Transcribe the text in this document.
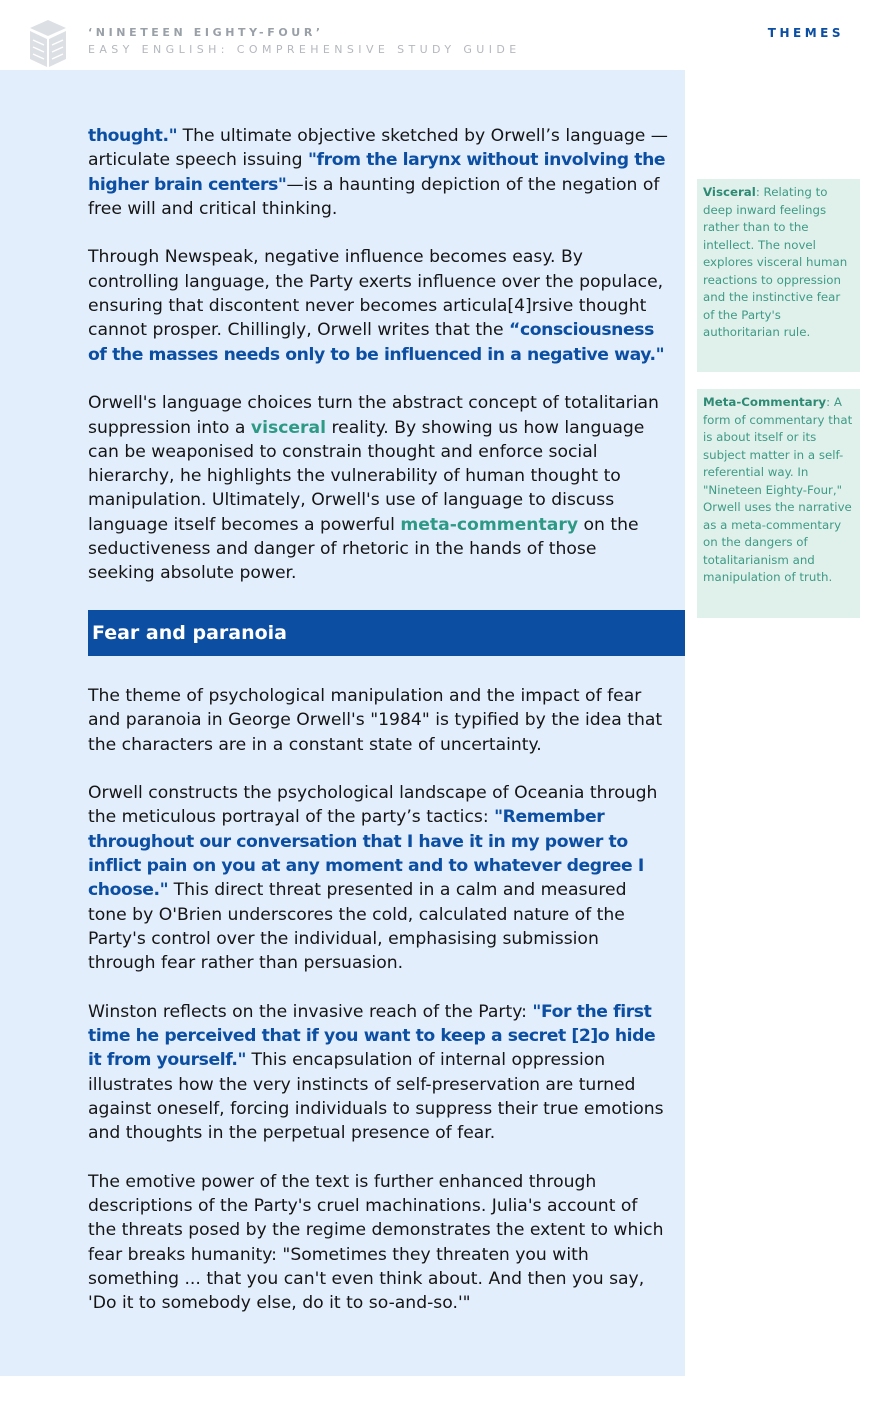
‘NINETEEN EIGHTY-FOUR’
EASY ENGLISH: COMPREHENSIVE STUDY GUIDE
THEMES

thought." The ultimate objective sketched by Orwell’s language —articulate speech issuing "from the larynx without involving the higher brain centers"—is a haunting depiction of the negation of free will and critical thinking.

Through Newspeak, negative influence becomes easy. By controlling language, the Party exerts influence over the populace, ensuring that discontent never becomes articula[4]rsive thought cannot prosper. Chillingly, Orwell writes that the “consciousness of the masses needs only to be influenced in a negative way."

Orwell's language choices turn the abstract concept of totalitarian suppression into a visceral reality. By showing us how language can be weaponised to constrain thought and enforce social hierarchy, he highlights the vulnerability of human thought to manipulation. Ultimately, Orwell's use of language to discuss language itself becomes a powerful meta-commentary on the seductiveness and danger of rhetoric in the hands of those seeking absolute power.

Fear and paranoia

The theme of psychological manipulation and the impact of fear and paranoia in George Orwell's "1984" is typified by the idea that the characters are in a constant state of uncertainty.

Orwell constructs the psychological landscape of Oceania through the meticulous portrayal of the party’s tactics: "Remember throughout our conversation that I have it in my power to inflict pain on you at any moment and to whatever degree I choose." This direct threat presented in a calm and measured tone by O'Brien underscores the cold, calculated nature of the Party's control over the individual, emphasising submission through fear rather than persuasion.

Winston reflects on the invasive reach of the Party: "For the first time he perceived that if you want to keep a secret [2]o hide it from yourself." This encapsulation of internal oppression illustrates how the very instincts of self-preservation are turned against oneself, forcing individuals to suppress their true emotions and thoughts in the perpetual presence of fear.

The emotive power of the text is further enhanced through descriptions of the Party's cruel machinations. Julia's account of the threats posed by the regime demonstrates the extent to which fear breaks humanity: "Sometimes they threaten you with something ... that you can't even think about. And then you say, 'Do it to somebody else, do it to so-and-so.'"

Visceral: Relating to deep inward feelings rather than to the intellect. The novel explores visceral human reactions to oppression and the instinctive fear of the Party's authoritarian rule.
Meta-Commentary: A form of commentary that is about itself or its subject matter in a self-referential way. In "Nineteen Eighty-Four," Orwell uses the narrative as a meta-commentary on the dangers of totalitarianism and manipulation of truth.
